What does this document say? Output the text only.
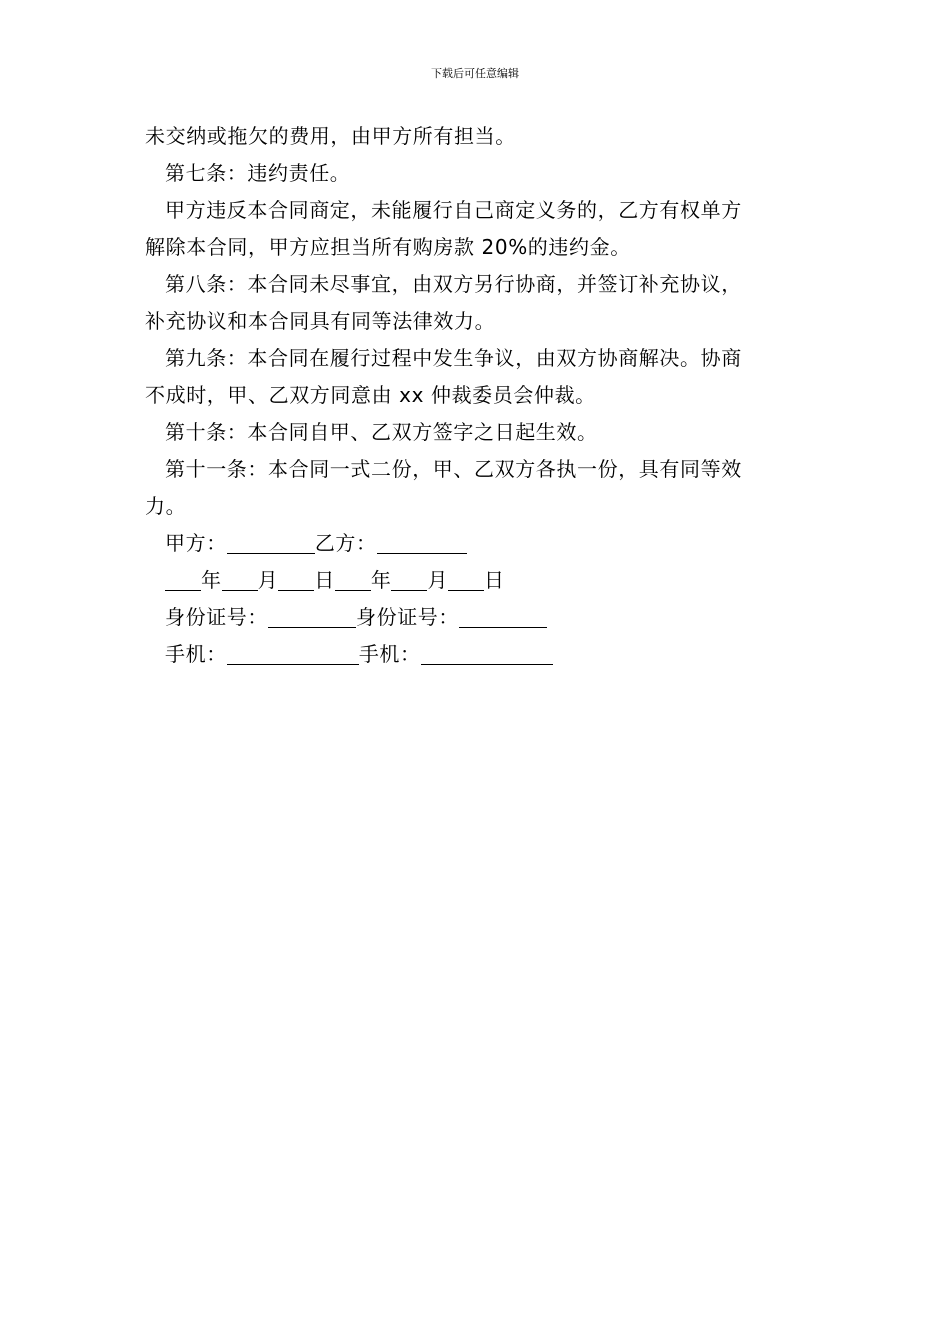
下载后可任意编辑

未交纳或拖欠的费用，由甲方所有担当。

第七条：违约责任。

甲方违反本合同商定，未能履行自己商定义务的，乙方有权单方

解除本合同，甲方应担当所有购房款 20%的违约金。

第八条：本合同未尽事宜，由双方另行协商，并签订补充协议，

补充协议和本合同具有同等法律效力。

第九条：本合同在履行过程中发生争议，由双方协商解决。协商

不成时，甲、乙双方同意由 xx 仲裁委员会仲裁。

第十条：本合同自甲、乙双方签字之日起生效。

第十一条：本合同一式二份，甲、乙双方各执一份，具有同等效

力。

甲方：	乙方：

年 月 日 年 月 日

身份证号：	身份证号：

手机：	手机：
